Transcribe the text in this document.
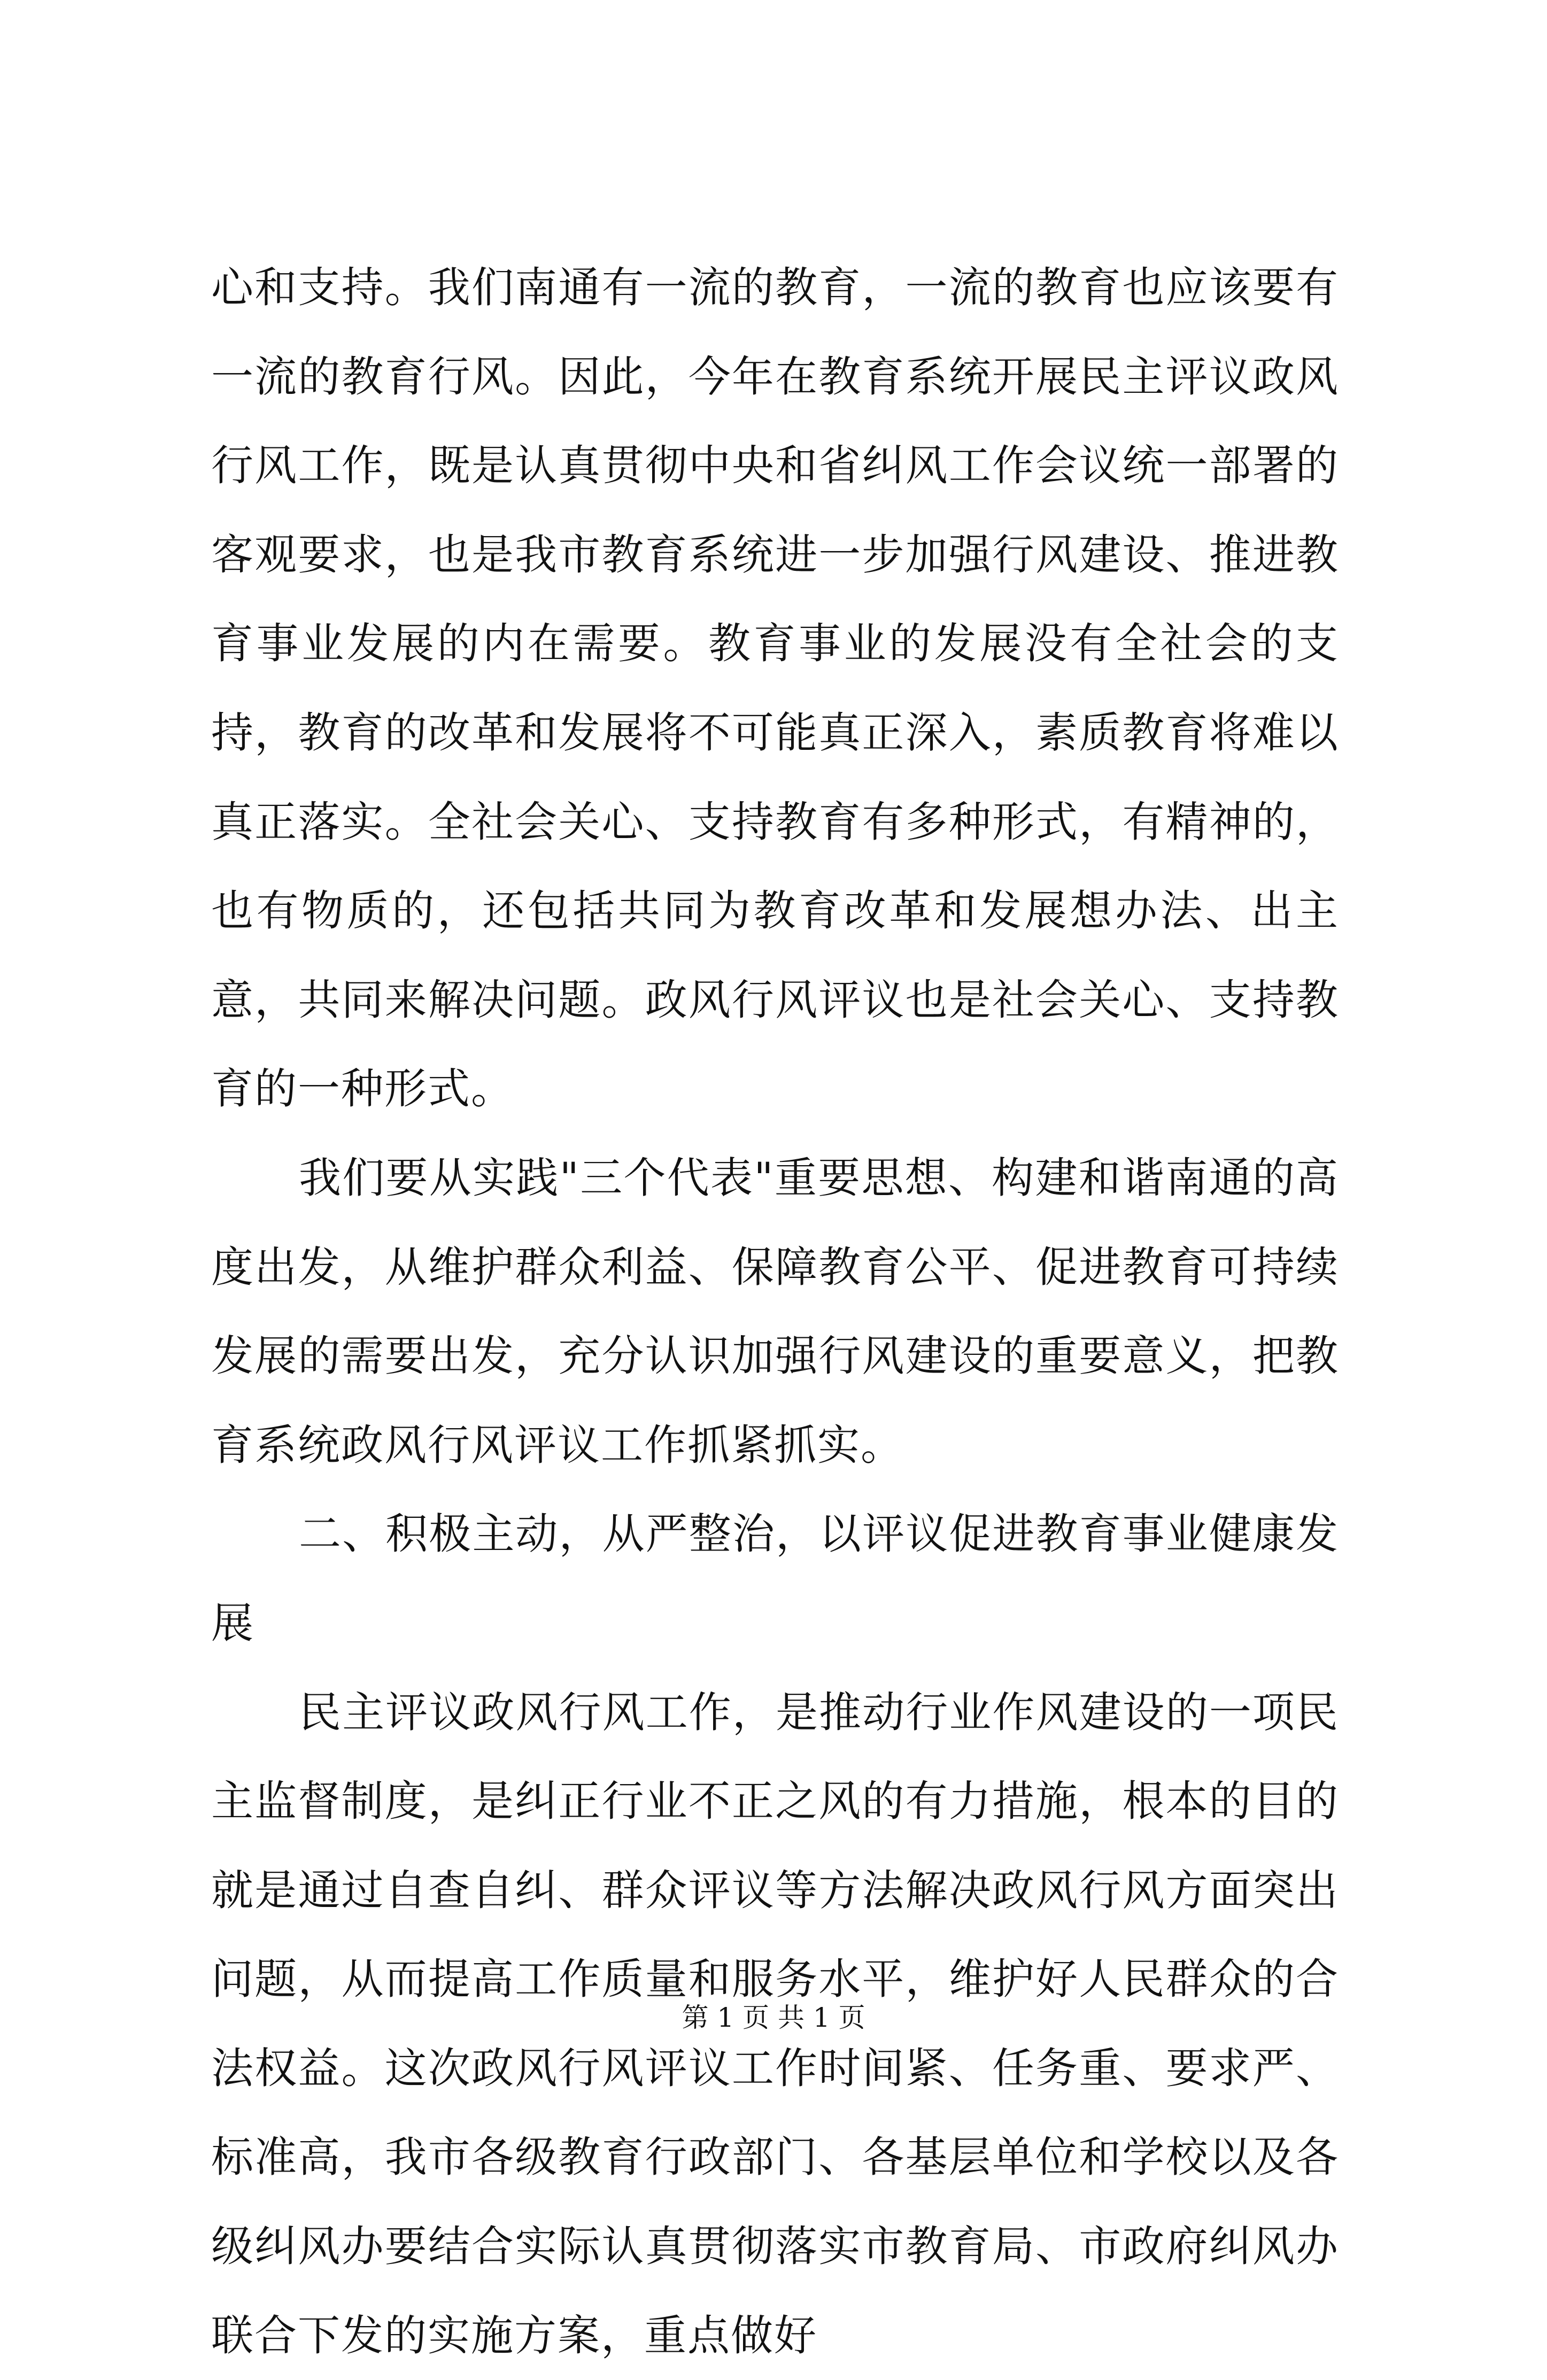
心和支持。我们南通有一流的教育，一流的教育也应该要有一流的教育行风。因此，今年在教育系统开展民主评议政风行风工作，既是认真贯彻中央和省纠风工作会议统一部署的客观要求，也是我市教育系统进一步加强行风建设、推进教育事业发展的内在需要。教育事业的发展没有全社会的支持，教育的改革和发展将不可能真正深入，素质教育将难以真正落实。全社会关心、支持教育有多种形式，有精神的，也有物质的，还包括共同为教育改革和发展想办法、出主意，共同来解决问题。政风行风评议也是社会关心、支持教育的一种形式。

我们要从实践"三个代表"重要思想、构建和谐南通的高度出发，从维护群众利益、保障教育公平、促进教育可持续发展的需要出发，充分认识加强行风建设的重要意义，把教育系统政风行风评议工作抓紧抓实。

二、积极主动，从严整治，以评议促进教育事业健康发展

民主评议政风行风工作，是推动行业作风建设的一项民主监督制度，是纠正行业不正之风的有力措施，根本的目的就是通过自查自纠、群众评议等方法解决政风行风方面突出问题，从而提高工作质量和服务水平，维护好人民群众的合法权益。这次政风行风评议工作时间紧、任务重、要求严、标准高，我市各级教育行政部门、各基层单位和学校以及各级纠风办要结合实际认真贯彻落实市教育局、市政府纠风办联合下发的实施方案，重点做好

第 1 页 共 1 页
